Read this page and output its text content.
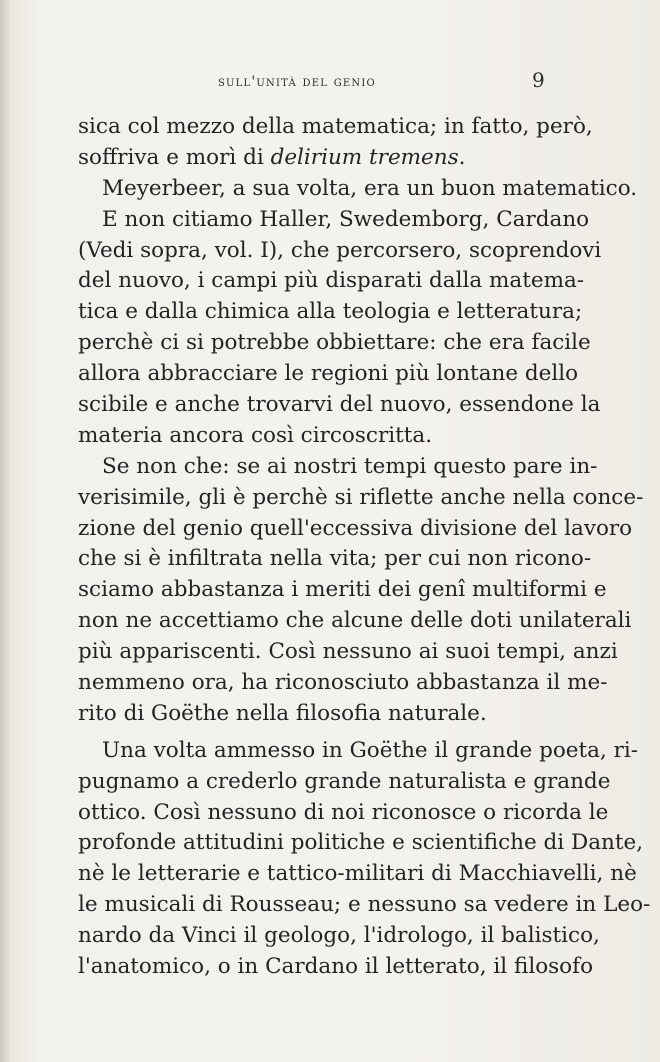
sull'unità del genio	9
sica col mezzo della matematica; in fatto, però,
soffriva e morì di delirium tremens.
Meyerbeer, a sua volta, era un buon matematico.
E non citiamo Haller, Swedemborg, Cardano
(Vedi sopra, vol. I), che percorsero, scoprendovi
del nuovo, i campi più disparati dalla matema-
tica e dalla chimica alla teologia e letteratura;
perchè ci si potrebbe obbiettare: che era facile
allora abbracciare le regioni più lontane dello
scibile e anche trovarvi del nuovo, essendone la
materia ancora così circoscritta.
Se non che: se ai nostri tempi questo pare in-
verisimile, gli è perchè si riflette anche nella conce-
zione del genio quell'eccessiva divisione del lavoro
che si è infiltrata nella vita; per cui non ricono-
sciamo abbastanza i meriti dei genî multiformi e
non ne accettiamo che alcune delle doti unilaterali
più appariscenti. Così nessuno ai suoi tempi, anzi
nemmeno ora, ha riconosciuto abbastanza il me-
rito di Goëthe nella filosofia naturale.
Una volta ammesso in Goëthe il grande poeta, ri-
pugnamo a crederlo grande naturalista e grande
ottico. Così nessuno di noi riconosce o ricorda le
profonde attitudini politiche e scientifiche di Dante,
nè le letterarie e tattico-militari di Macchiavelli, nè
le musicali di Rousseau; e nessuno sa vedere in Leo-
nardo da Vinci il geologo, l'idrologo, il balistico,
l'anatomico, o in Cardano il letterato, il filosofo
